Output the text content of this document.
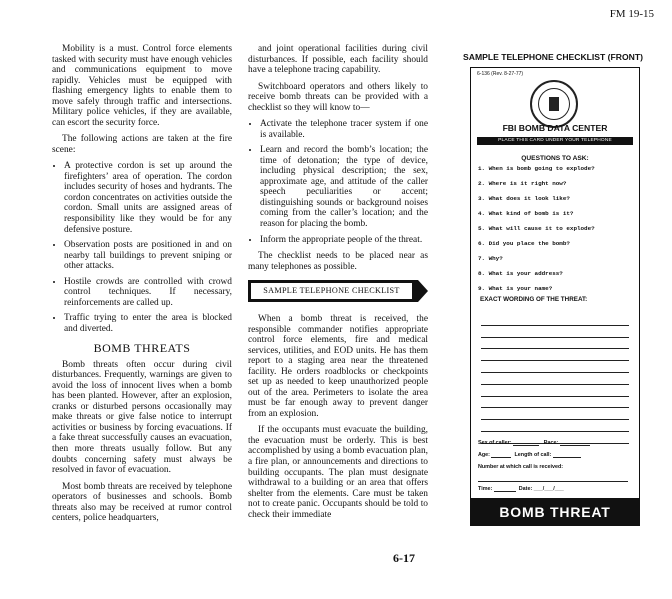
FM 19-15

Mobility is a must. Control force elements tasked with security must have enough vehicles and communications equipment to move rapidly. Vehicles must be equipped with flashing emergency lights to enable them to move safely through traffic and intersections. Military police vehicles, if they are available, can escort the security force.

The following actions are taken at the fire scene:

• A protective cordon is set up around the firefighters’ area of operation. The cordon includes security of hoses and hydrants. The cordon concentrates on activities outside the cordon. Small units are assigned areas of responsibility like they would be for any defensive posture.
• Observation posts are positioned in and on nearby tall buildings to prevent sniping or other attacks.
• Hostile crowds are controlled with crowd control techniques. If necessary, reinforcements are called up.
• Traffic trying to enter the area is blocked and diverted.
BOMB THREATS

Bomb threats often occur during civil disturbances. Frequently, warnings are given to avoid the loss of innocent lives when a bomb has been planted. However, after an explosion, cranks or disturbed persons occasionally may make threats or give false notice to interrupt activities or business by forcing evacuations. If a fake threat successfully causes an evacuation, then more threats usually follow. But any doubts concerning safety must always be resolved in favor of evacuation.

Most bomb threats are received by telephone operators of businesses and schools. Bomb threats also may be received at rumor control centers, police headquarters,

and joint operational facilities during civil disturbances. If possible, each facility should have a telephone tracing capability.

Switchboard operators and others likely to receive bomb threats can be provided with a checklist so they will know to—

• Activate the telephone tracer system if one is available.
• Learn and record the bomb’s location; the time of detonation; the type of device, including physical description; the sex, approximate age, and attitude of the caller speech peculiarities or accent; distinguishing sounds or background noises coming from the caller’s location; and the reason for placing the bomb.
• Inform the appropriate people of the threat.

The checklist needs to be placed near as many telephones as possible.

SAMPLE TELEPHONE CHECKLIST

When a bomb threat is received, the responsible commander notifies appropriate control force elements, fire and medical services, utilities, and EOD units. He has them report to a staging area near the threatened facility. He orders roadblocks or checkpoints set up as needed to keep unauthorized people out of the area. Perimeters to isolate the area must be far enough away to prevent danger from an explosion.

If the occupants must evacuate the building, the evacuation must be orderly. This is best accomplished by using a bomb evacuation plan, a fire plan, or announcements and directions to building occupants. The plan must designate withdrawal to a building or an area that offers shelter from the elements. Care must be taken not to create panic. Occupants should be told to check their immediate

6-17
SAMPLE TELEPHONE CHECKLIST (FRONT)
6-136 (Rev. 8-27-77)
FBI BOMB DATA CENTER
PLACE THIS CARD UNDER YOUR TELEPHONE
QUESTIONS TO ASK:
1. When is bomb going to explode?
2. Where is it right now?
3. What does it look like?
4. What kind of bomb is it?
5. What will cause it to explode?
6. Did you place the bomb?
7. Why?
8. What is your address?
9. What is your name?
EXACT WORDING OF THE THREAT:
Sex of caller:	Race:
Age:	Length of call:
Number at which call is received:
Time:	Date: ___/___/___
BOMB THREAT
